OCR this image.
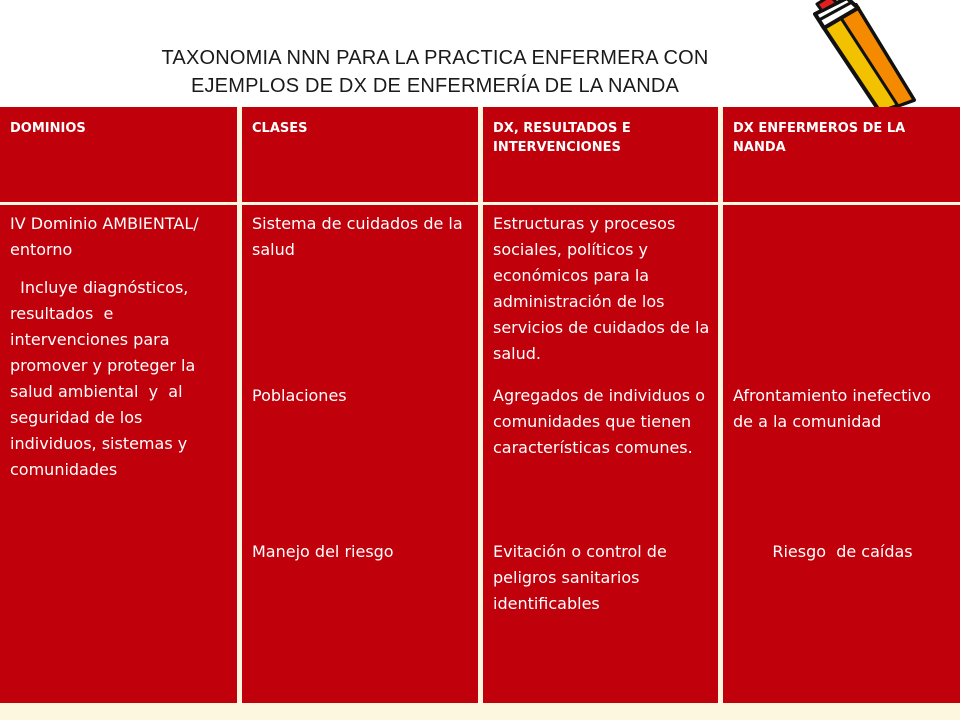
TAXONOMIA NNN PARA LA PRACTICA ENFERMERA CON
EJEMPLOS DE DX DE ENFERMERÍA DE LA NANDA
DOMINIOS	CLASES	DX, RESULTADOS E INTERVENCIONES
DX ENFERMEROS DE LA NANDA
IV Dominio AMBIENTAL/ entorno
Incluye diagnósticos, resultados  e intervenciones para promover y proteger la salud ambiental  y  al seguridad de los individuos, sistemas y comunidades
Sistema de cuidados de la salud
Poblaciones
Manejo del riesgo
Estructuras y procesos sociales, políticos y económicos para la administración de los servicios de cuidados de la salud.
Agregados de individuos o comunidades que tienen características comunes.
Evitación o control de peligros sanitarios identificables
Afrontamiento inefectivo de a la comunidad
Riesgo  de caídas
